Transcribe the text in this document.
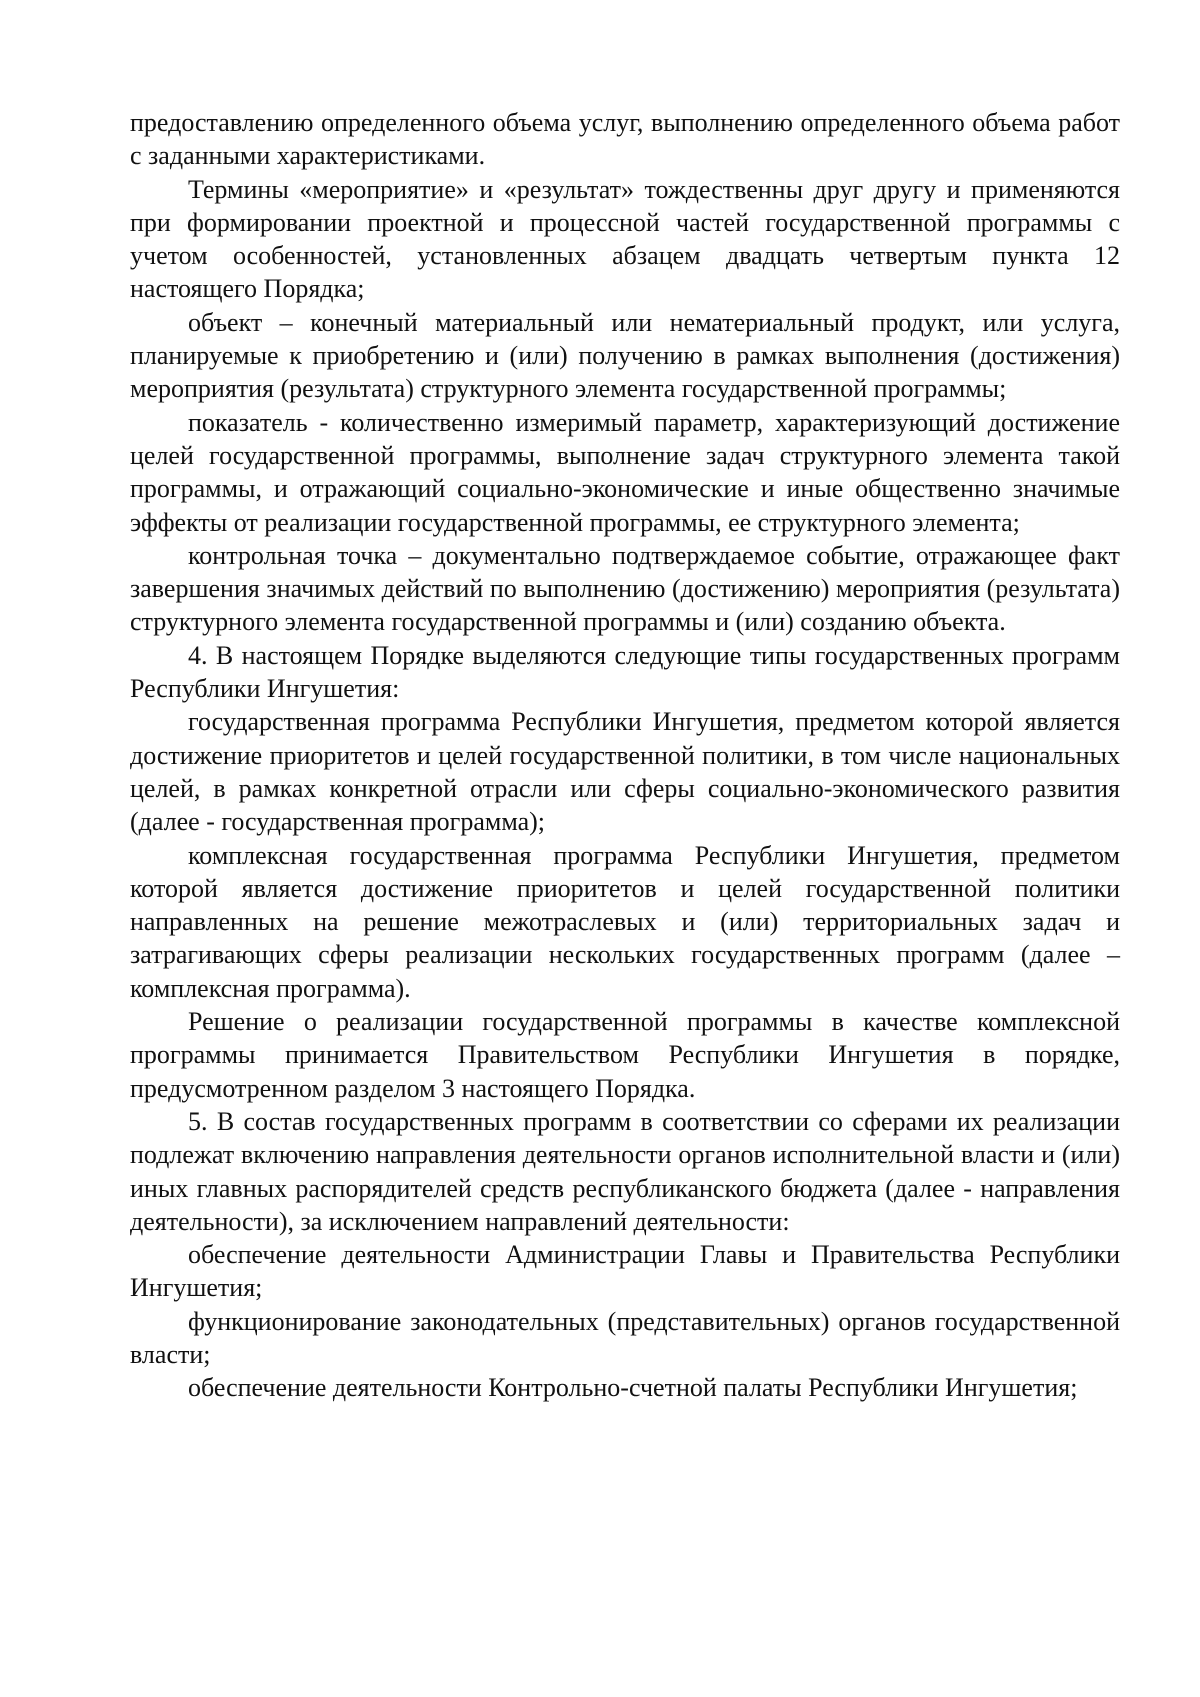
предоставлению определенного объема услуг, выполнению определенного объема работ с заданными характеристиками.

Термины «мероприятие» и «результат» тождественны друг другу и применяются при формировании проектной и процессной частей государственной программы с учетом особенностей, установленных абзацем двадцать четвертым пункта 12 настоящего Порядка;

объект – конечный материальный или нематериальный продукт, или услуга, планируемые к приобретению и (или) получению в рамках выполнения (достижения) мероприятия (результата) структурного элемента государственной программы;

показатель - количественно измеримый параметр, характеризующий достижение целей государственной программы, выполнение задач структурного элемента такой программы, и отражающий социально-экономические и иные общественно значимые эффекты от реализации государственной программы, ее структурного элемента;

контрольная точка – документально подтверждаемое событие, отражающее факт завершения значимых действий по выполнению (достижению) мероприятия (результата) структурного элемента государственной программы и (или) созданию объекта.

4. В настоящем Порядке выделяются следующие типы государственных программ Республики Ингушетия:

государственная программа Республики Ингушетия, предметом которой является достижение приоритетов и целей государственной политики, в том числе национальных целей, в рамках конкретной отрасли или сферы социально-экономического развития (далее - государственная программа);

комплексная государственная программа Республики Ингушетия, предметом которой является достижение приоритетов и целей государственной политики направленных на решение межотраслевых и (или) территориальных задач и затрагивающих сферы реализации нескольких государственных программ (далее – комплексная программа).

Решение о реализации государственной программы в качестве комплексной программы принимается Правительством Республики Ингушетия в порядке, предусмотренном разделом 3 настоящего Порядка.

5. В состав государственных программ в соответствии со сферами их реализации подлежат включению направления деятельности органов исполнительной власти и (или) иных главных распорядителей средств республиканского бюджета (далее - направления деятельности), за исключением направлений деятельности:

обеспечение деятельности Администрации Главы и Правительства Республики Ингушетия;

функционирование законодательных (представительных) органов государственной власти;

обеспечение деятельности Контрольно-счетной палаты Республики Ингушетия;
